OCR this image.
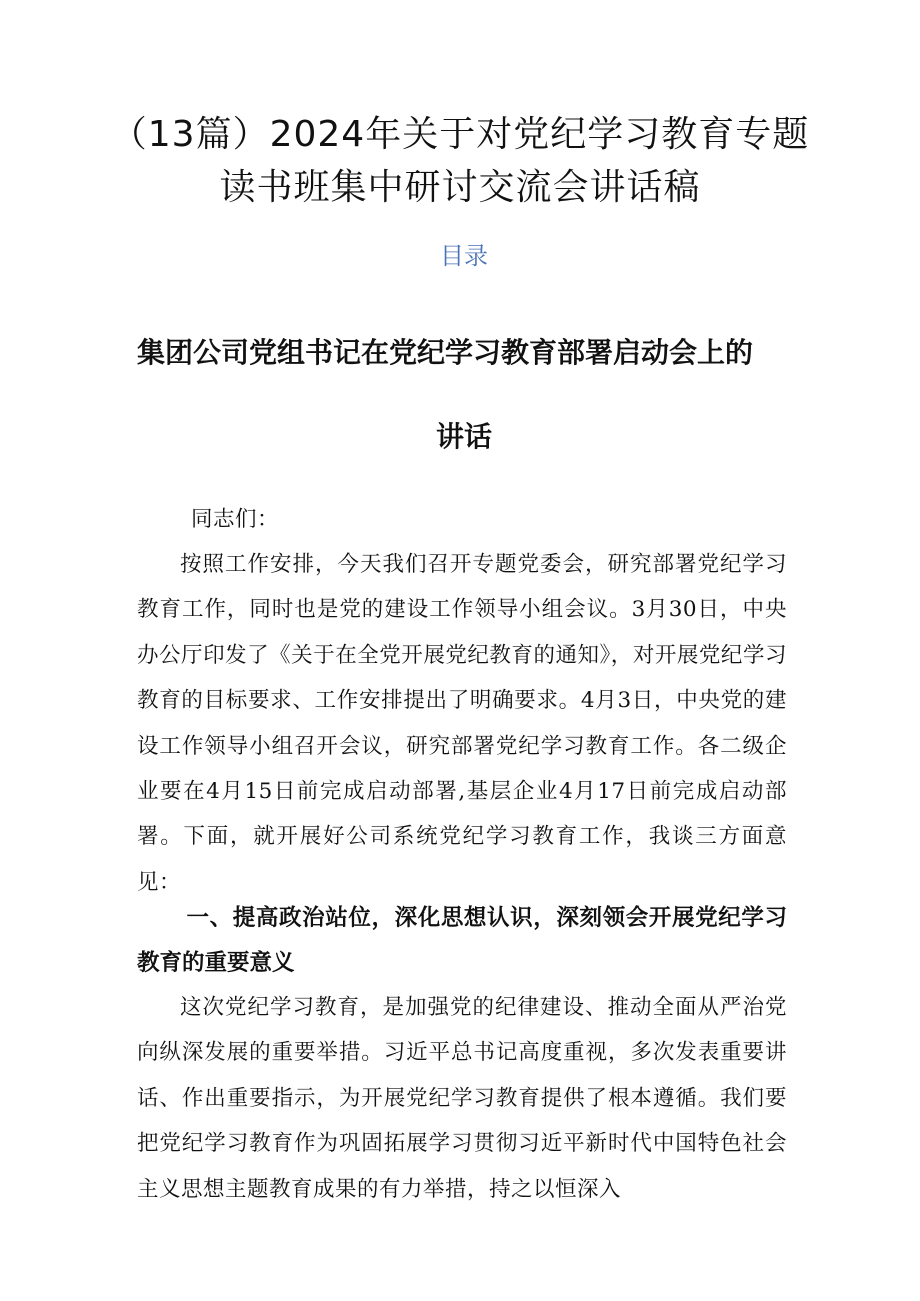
（13篇）2024年关于对党纪学习教育专题
读书班集中研讨交流会讲话稿
目录
集团公司党组书记在党纪学习教育部署启动会上的
讲话
同志们：
按照工作安排，今天我们召开专题党委会，研究部署党纪学习教育工作，同时也是党的建设工作领导小组会议。3月30日，中央办公厅印发了《关于在全党开展党纪教育的通知》，对开展党纪学习教育的目标要求、工作安排提出了明确要求。4月3日，中央党的建设工作领导小组召开会议，研究部署党纪学习教育工作。各二级企业要在4月15日前完成启动部署,基层企业4月17日前完成启动部署。下面，就开展好公司系统党纪学习教育工作，我谈三方面意见：
一、提高政治站位，深化思想认识，深刻领会开展党纪学习教育的重要意义
这次党纪学习教育，是加强党的纪律建设、推动全面从严治党向纵深发展的重要举措。习近平总书记高度重视，多次发表重要讲话、作出重要指示，为开展党纪学习教育提供了根本遵循。我们要把党纪学习教育作为巩固拓展学习贯彻习近平新时代中国特色社会主义思想主题教育成果的有力举措，持之以恒深入
